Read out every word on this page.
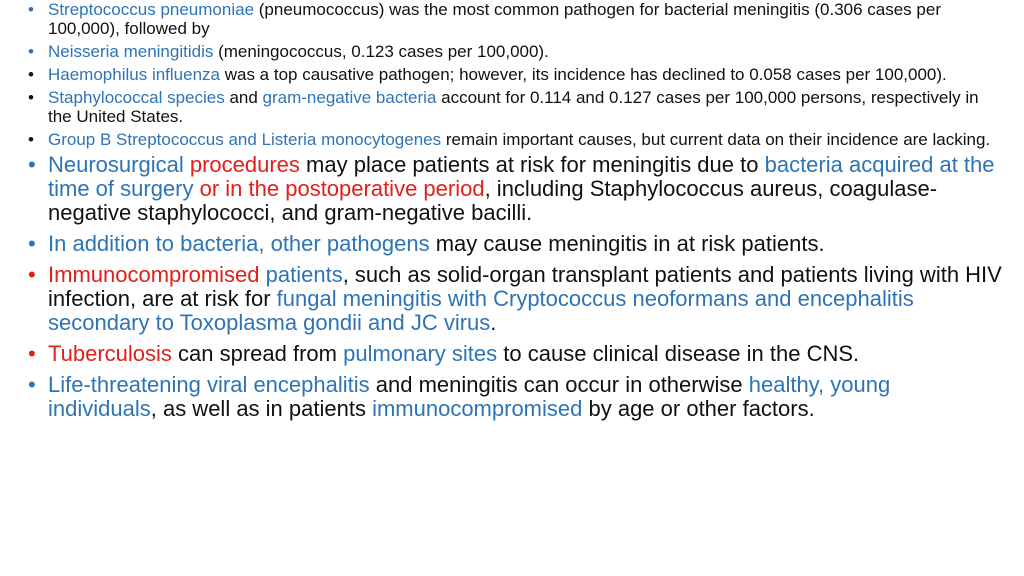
• Streptococcus pneumoniae (pneumococcus) was the most common pathogen for bacterial meningitis (0.306 cases per 100,000), followed by
• Neisseria meningitidis (meningococcus, 0.123 cases per 100,000).
• Haemophilus influenza was a top causative pathogen; however, its incidence has declined to 0.058 cases per 100,000).
• Staphylococcal species and gram-negative bacteria account for 0.114 and 0.127 cases per 100,000 persons, respectively in the United States.
• Group B Streptococcus and Listeria monocytogenes remain important causes, but current data on their incidence are lacking.
• Neurosurgical procedures may place patients at risk for meningitis due to bacteria acquired at the time of surgery or in the postoperative period, including Staphylococcus aureus, coagulase-negative staphylococci, and gram-negative bacilli.
• In addition to bacteria, other pathogens may cause meningitis in at risk patients.
• Immunocompromised patients, such as solid-organ transplant patients and patients living with HIV infection, are at risk for fungal meningitis with Cryptococcus neoformans and encephalitis secondary to Toxoplasma gondii and JC virus.
• Tuberculosis can spread from pulmonary sites to cause clinical disease in the CNS.
• Life-threatening viral encephalitis and meningitis can occur in otherwise healthy, young individuals, as well as in patients immunocompromised by age or other factors.
